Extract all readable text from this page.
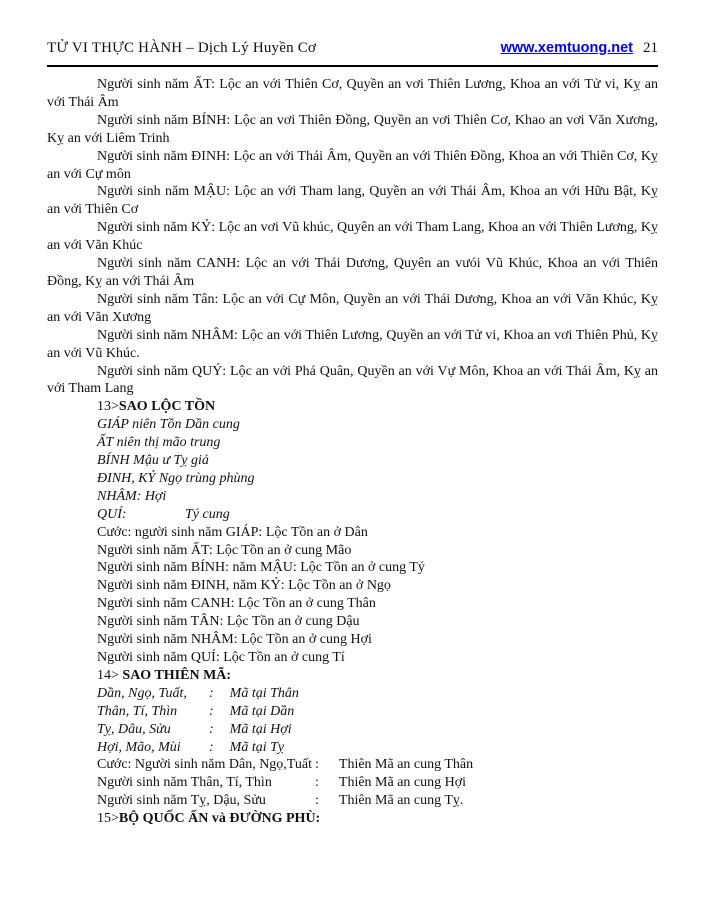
TỬ VI THỰC HÀNH – Dịch Lý Huyền Cơ	www.xemtuong.net 21

Người sinh năm ẤT: Lộc an với Thiên Cơ, Quyền an vơi Thiên Lương, Khoa an với Tử vi, Kỵ an với Thái Âm

Người sinh năm BÍNH: Lộc an vơi Thiên Đồng, Quyền an vơi Thiên Cơ, Khao an vơi Văn Xương, Kỵ an với Liêm Trinh

Người sinh năm ĐINH: Lộc an với Thái Âm, Quyền an với Thiên Đồng, Khoa an với Thiên Cơ, Kỵ an với Cự môn

Người sinh năm MẬU: Lộc an với Tham lang, Quyền an với Thái Âm, Khoa an với Hữu Bật, Kỵ an với Thiên Cơ

Người sinh năm KỶ: Lộc an vơi Vũ khúc, Quyên an với Tham Lang, Khoa an với Thiên Lương, Kỵ an với Văn Khúc

Người sinh năm CANH: Lộc an với Thái Dương, Quyên an vưói Vũ Khúc, Khoa an với Thiên Đồng, Kỵ an với Thái Âm

Người sinh năm Tân: Lộc an với Cự Môn, Quyền an với Thái Dương, Khoa an với Văn Khúc, Kỵ an với Văn Xương

Người sinh năm NHÂM: Lộc an với Thiên Lương, Quyền an với Tử vi, Khoa an vơi Thiên Phủ, Kỵ an với Vũ Khúc.

Người sinh năm QUÝ: Lộc an với Phá Quân, Quyền an với Vự Môn, Khoa an với Thái Âm, Kỵ an với Tham Lang

13>SAO LỘC TỒN
GIÁP niên Tồn Dần cung
ẤT niên thị mão trung
BÍNH Mậu ư Tỵ giả
ĐINH, KỶ Ngọ trùng phùng
NHÂM: Hợi
QUÍ:	Tý cung
Cước: người sinh năm GIÁP: Lộc Tồn an ở Dân
Người sinh năm ẤT: Lộc Tồn an ở cung Mão
Người sinh năm BÍNH: năm MẬU: Lộc Tồn an ở cung Tý
Người sinh năm ĐINH, năm KỶ: Lộc Tồn an ở Ngọ
Người sinh năm CANH: Lộc Tồn an ở cung Thân
Người sinh năm TÂN: Lộc Tồn an ở cung Dậu
Người sinh năm NHÂM: Lộc Tồn an ở cung Hợi
Người sinh năm QUÍ: Lộc Tồn an ở cung Tí
14> SAO THIÊN MÃ:
Dần, Ngọ, Tuất,	: Mã tại Thân
Thân, Tí, Thìn	: Mã tại Dần
Tỵ, Dâu, Sửu	: Mã tại Hợi
Hợi, Mão, Mùi	: Mã tại Tỵ
Cước: Người sinh năm Dân, Ngọ,Tuất : Thiên Mã an cung Thân
Người sinh năm Thân, Tí, Thìn	: Thiên Mã an cung Hợi
Người sinh năm Tỵ, Dậu, Sửu	: Thiên Mã an cung Tỵ.
15>BỘ QUỐC ẤN và ĐƯỜNG PHÙ:
